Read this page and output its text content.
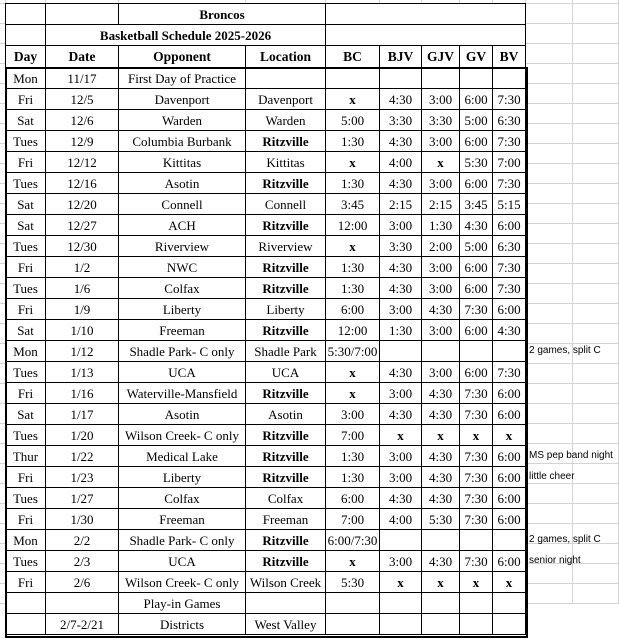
		Broncos						
	Basketball Schedule 2025-2026							
Day	Date	Opponent	Location	BC	BJV	GJV	GV	BV
Mon	11/17	First Day of Practice						
Fri	12/5	Davenport	Davenport	x	4:30	3:00	6:00	7:30
Sat	12/6	Warden	Warden	5:00	3:30	3:30	5:00	6:30
Tues	12/9	Columbia Burbank	Ritzville	1:30	4:30	3:00	6:00	7:30
Fri	12/12	Kittitas	Kittitas	x	4:00	x	5:30	7:00
Tues	12/16	Asotin	Ritzville	1:30	4:30	3:00	6:00	7:30
Sat	12/20	Connell	Connell	3:45	2:15	2:15	3:45	5:15
Sat	12/27	ACH	Ritzville	12:00	3:00	1:30	4:30	6:00
Tues	12/30	Riverview	Riverview	x	3:30	2:00	5:00	6:30
Fri	1/2	NWC	Ritzville	1:30	4:30	3:00	6:00	7:30
Tues	1/6	Colfax	Ritzville	1:30	4:30	3:00	6:00	7:30
Fri	1/9	Liberty	Liberty	6:00	3:00	4:30	7:30	6:00
Sat	1/10	Freeman	Ritzville	12:00	1:30	3:00	6:00	4:30
Mon	1/12	Shadle Park- C only	Shadle Park	5:30/7:00				
Tues	1/13	UCA	UCA	x	4:30	3:00	6:00	7:30
Fri	1/16	Waterville-Mansfield	Ritzville	x	3:00	4:30	7:30	6:00
Sat	1/17	Asotin	Asotin	3:00	4:30	4:30	7:30	6:00
Tues	1/20	Wilson Creek- C only	Ritzville	7:00	x	x	x	x
Thur	1/22	Medical Lake	Ritzville	1:30	3:00	4:30	7:30	6:00
Fri	1/23	Liberty	Ritzville	1:30	3:00	4:30	7:30	6:00
Tues	1/27	Colfax	Colfax	6:00	4:30	4:30	7:30	6:00
Fri	1/30	Freeman	Freeman	7:00	4:00	5:30	7:30	6:00
Mon	2/2	Shadle Park- C only	Ritzville	6:00/7:30				
Tues	2/3	UCA	Ritzville	x	3:00	4:30	7:30	6:00
Fri	2/6	Wilson Creek- C only	Wilson Creek	5:30	x	x	x	x
		Play-in Games						
	2/7-2/21	Districts	West Valley					
2 games, split C
MS pep band night
little cheer
2 games, split C
senior night
